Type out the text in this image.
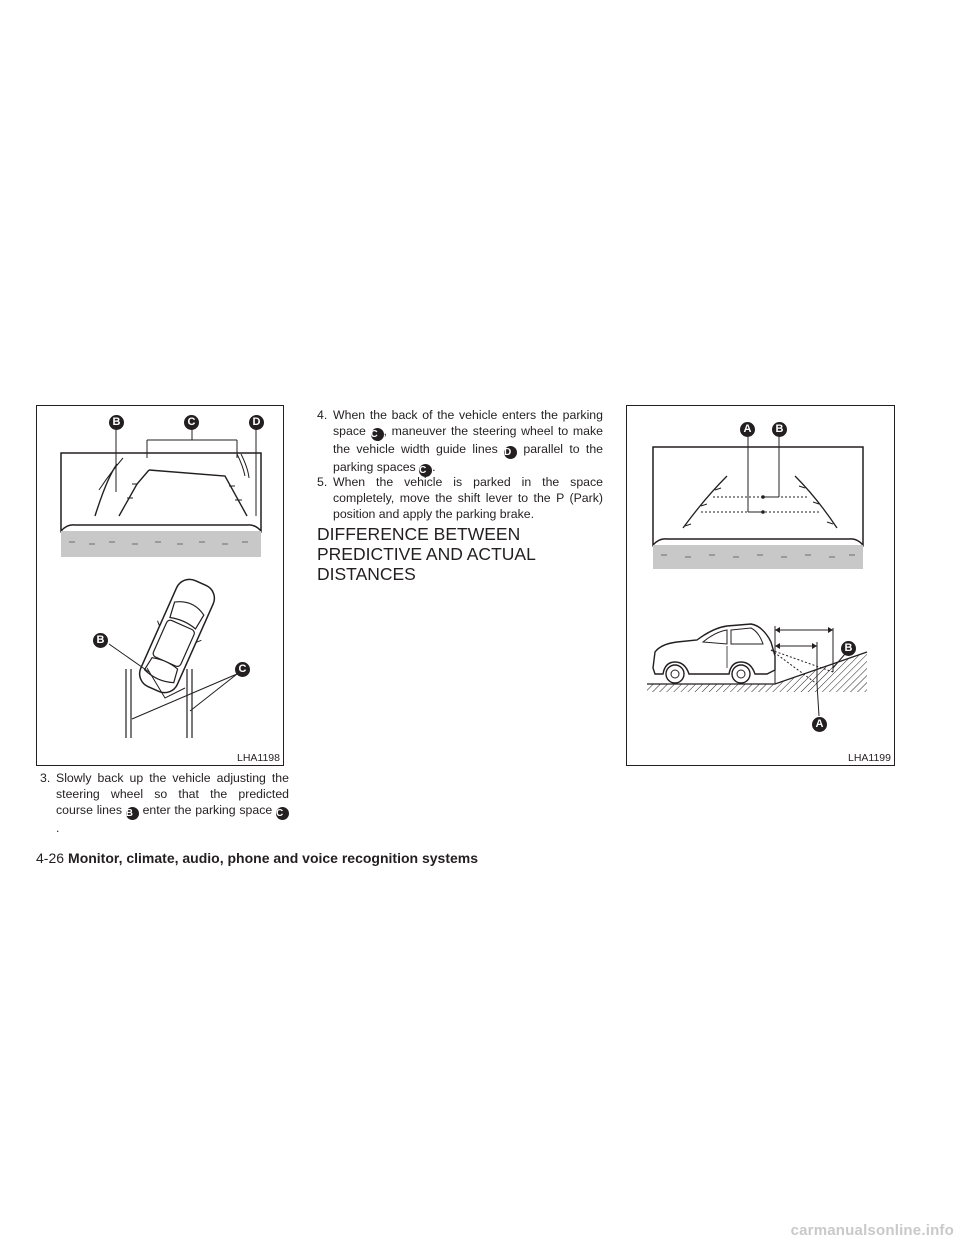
B	C	D
B
C
LHA1198
3. Slowly back up the vehicle adjusting the steering wheel so that the predicted course lines B enter the parking space C.
4. When the back of the vehicle enters the parking space C , maneuver the steering wheel to make the vehicle width guide lines D parallel to the parking spaces C .
5. When the vehicle is parked in the space completely, move the shift lever to the P (Park) position and apply the parking brake.
DIFFERENCE BETWEEN
PREDICTIVE AND ACTUAL
DISTANCES
A	B
B
A
LHA1199
4-26 Monitor, climate, audio, phone and voice recognition systems
carmanualsonline.info
